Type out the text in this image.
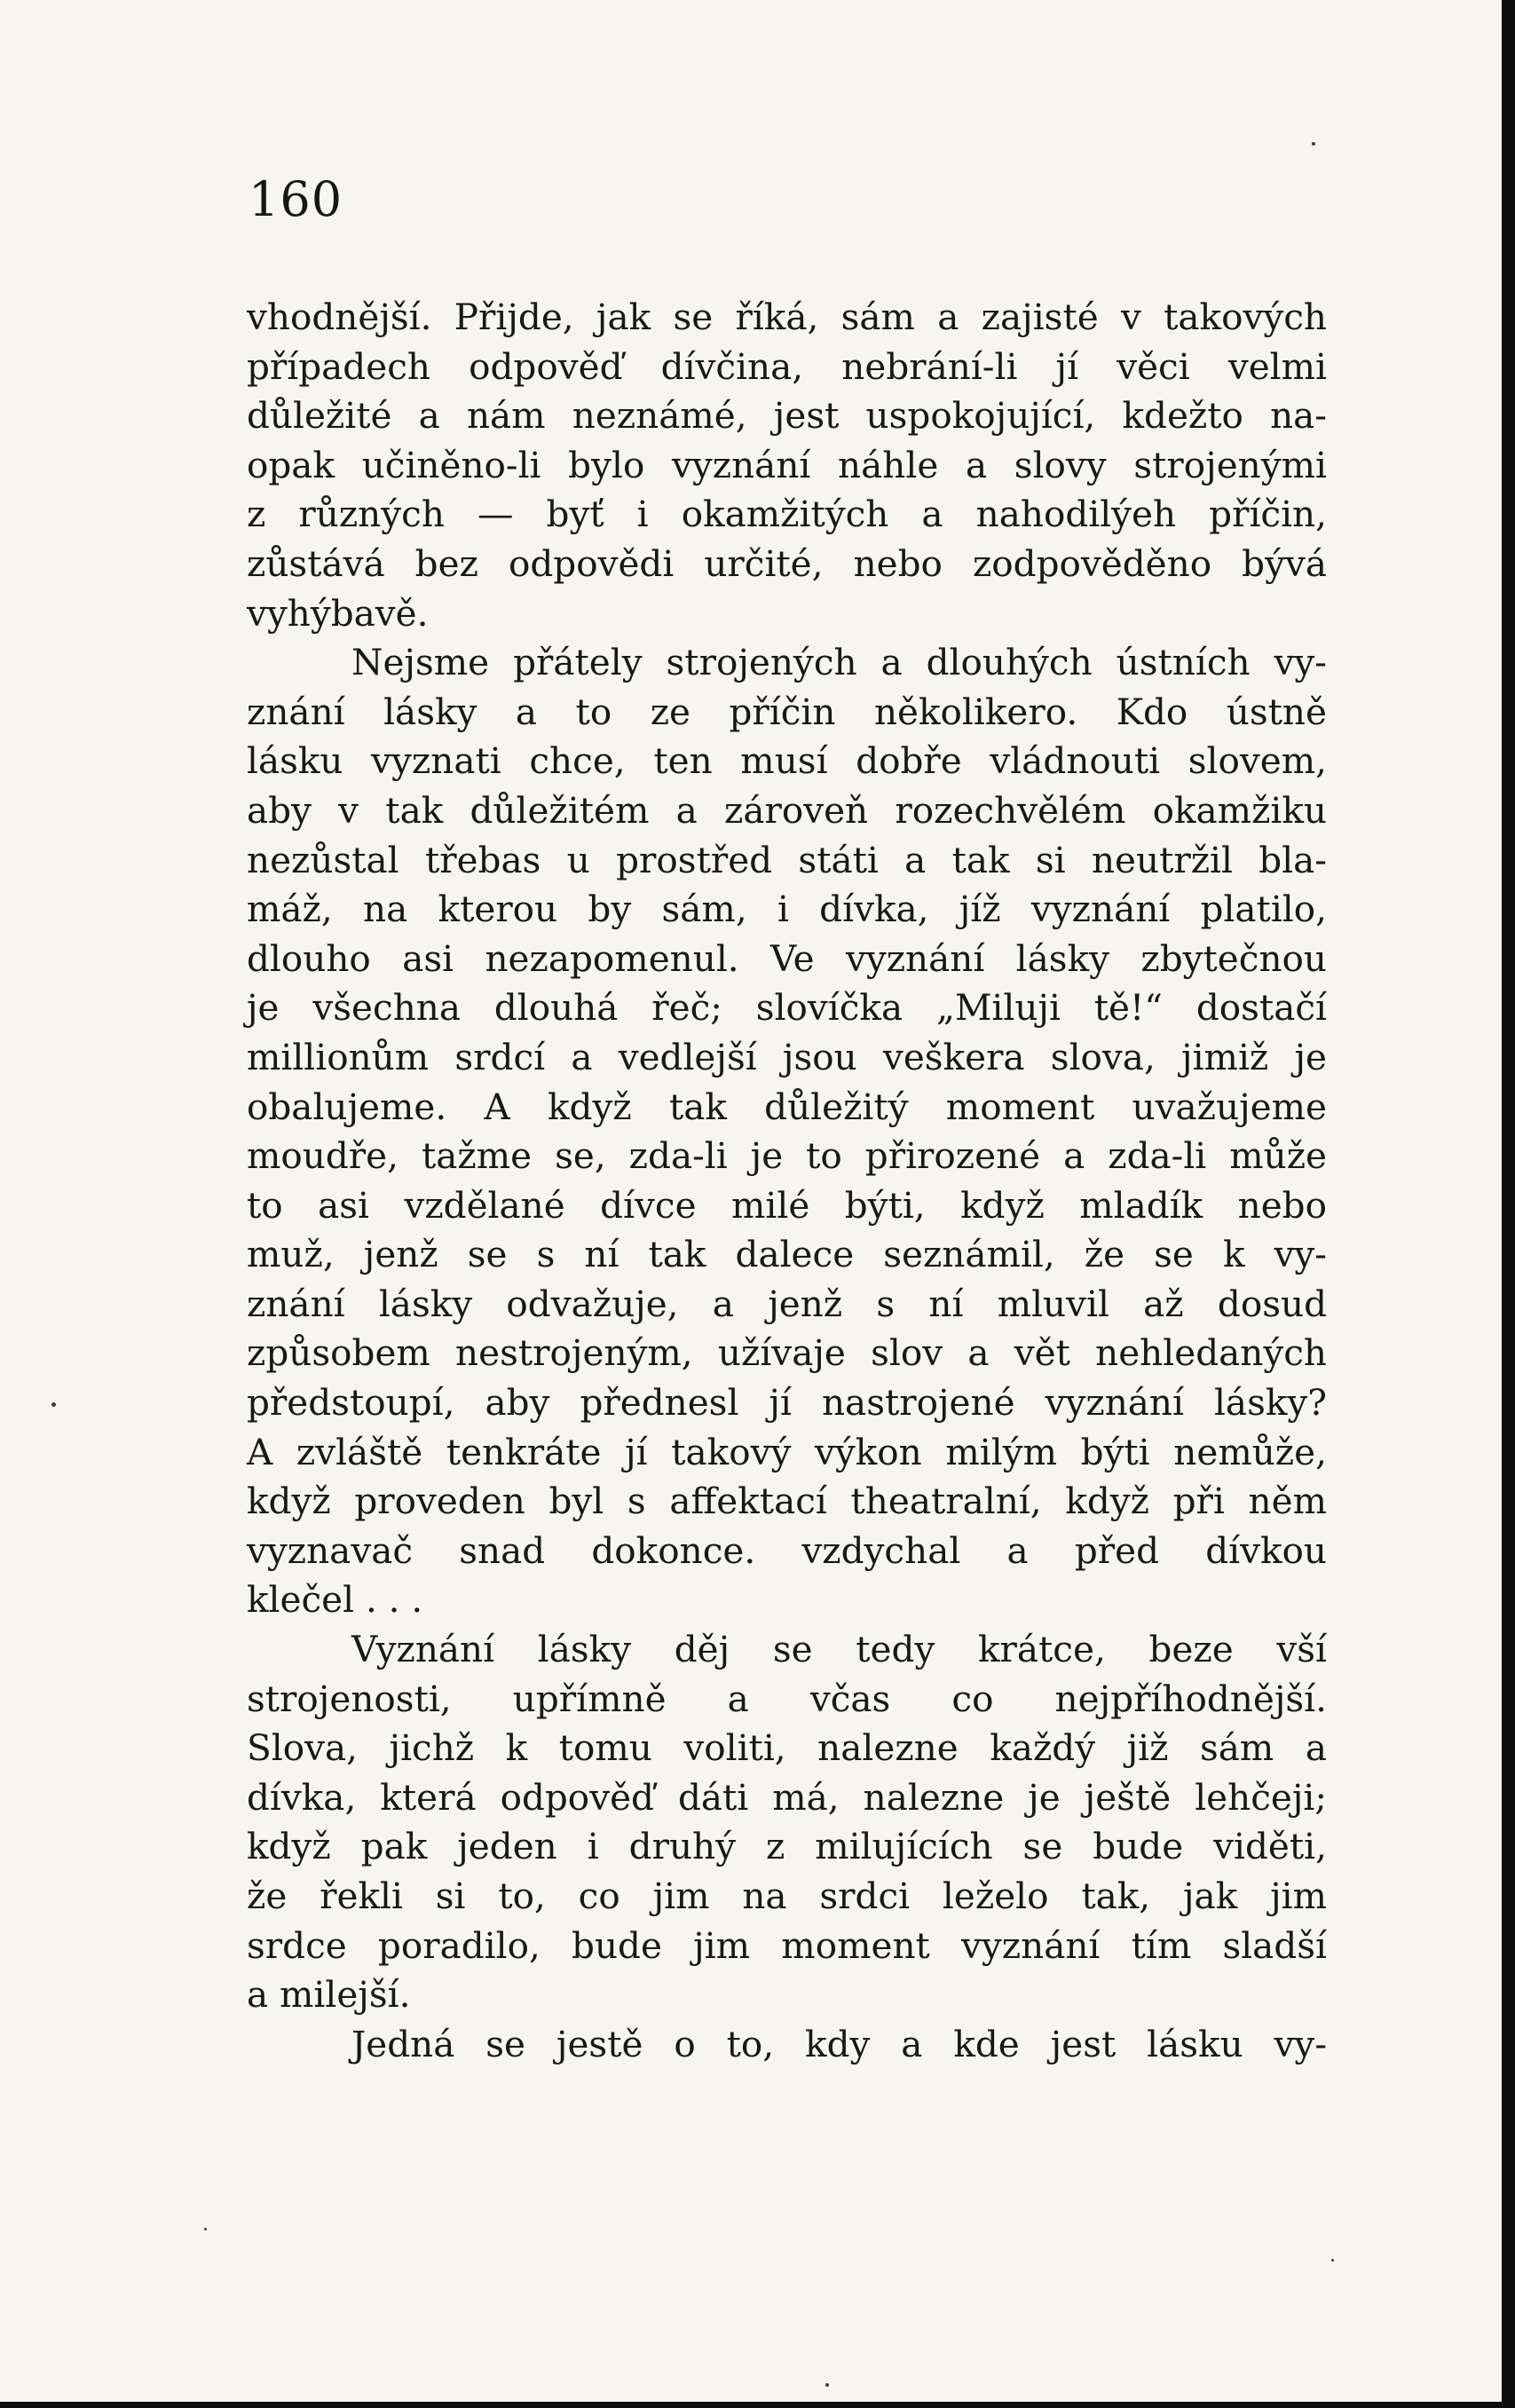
160
vhodnější. Přijde, jak se říká, sám a zajisté v takových
případech odpověď dívčina, nebrání-li jí věci velmi
důležité a nám neznámé, jest uspokojující, kdežto na-
opak učiněno-li bylo vyznání náhle a slovy strojenými
z různých — byť i okamžitých a nahodilýeh příčin,
zůstává bez odpovědi určité, nebo zodpověděno bývá
vyhýbavě.
Nejsme přátely strojených a dlouhých ústních vy-
znání lásky a to ze příčin několikero. Kdo ústně
lásku vyznati chce, ten musí dobře vládnouti slovem,
aby v tak důležitém a zároveň rozechvělém okamžiku
nezůstal třebas u prostřed státi a tak si neutržil bla-
máž, na kterou by sám, i dívka, jíž vyznání platilo,
dlouho asi nezapomenul. Ve vyznání lásky zbytečnou
je všechna dlouhá řeč; slovíčka „Miluji tě!“ dostačí
millionům srdcí a vedlejší jsou veškera slova, jimiž je
obalujeme. A když tak důležitý moment uvažujeme
moudře, tažme se, zda-li je to přirozené a zda-li může
to asi vzdělané dívce milé býti, když mladík nebo
muž, jenž se s ní tak dalece seznámil, že se k vy-
znání lásky odvažuje, a jenž s ní mluvil až dosud
způsobem nestrojeným, užívaje slov a vět nehledaných
předstoupí, aby přednesl jí nastrojené vyznání lásky?
A zvláště tenkráte jí takový výkon milým býti nemůže,
když proveden byl s affektací theatralní, když při něm
vyznavač snad dokonce. vzdychal a před dívkou
klečel . . .
Vyznání lásky děj se tedy krátce, beze vší
strojenosti, upřímně a včas co nejpříhodnější.
Slova, jichž k tomu voliti, nalezne každý již sám a
dívka, která odpověď dáti má, nalezne je ještě lehčeji;
když pak jeden i druhý z milujících se bude viděti,
že řekli si to, co jim na srdci leželo tak, jak jim
srdce poradilo, bude jim moment vyznání tím sladší
a milejší.
Jedná se jestě o to, kdy a kde jest lásku vy-
